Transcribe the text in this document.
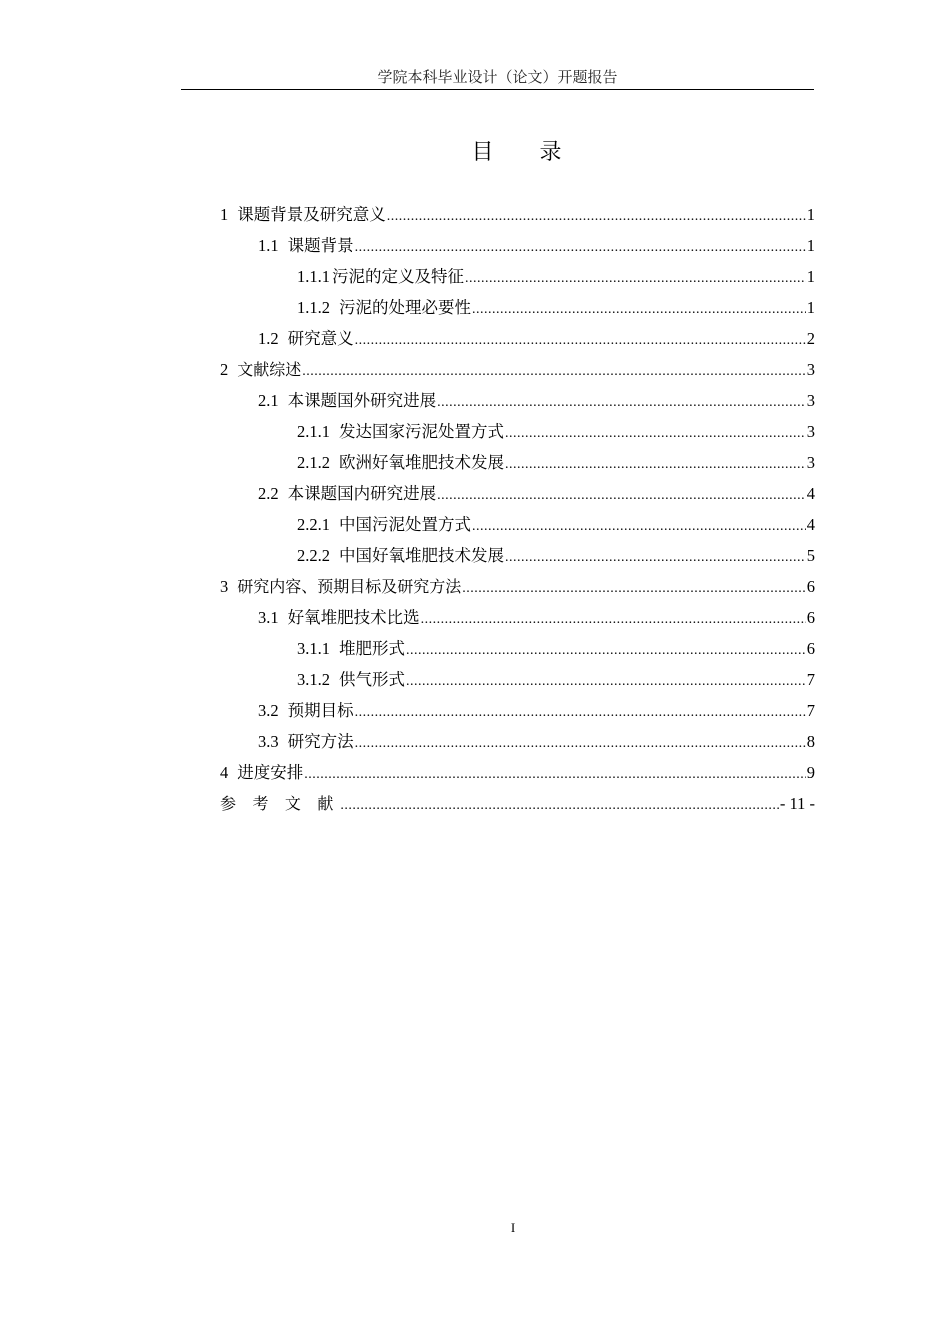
学院本科毕业设计（论文）开题报告
目 录
1 课题背景及研究意义 .....	1
1.1 课题背景 .....	1
1.1.1 污泥的定义及特征 .....	1
1.1.2 污泥的处理必要性 .....	1
1.2 研究意义 .....	2
2 文献综述 .....	3
2.1 本课题国外研究进展 .....	3
2.1.1 发达国家污泥处置方式 .....	3
2.1.2 欧洲好氧堆肥技术发展 .....	3
2.2 本课题国内研究进展 .....	4
2.2.1 中国污泥处置方式 .....	4
2.2.2 中国好氧堆肥技术发展 .....	5
3 研究内容、预期目标及研究方法 .....	6
3.1 好氧堆肥技术比选 .....	6
3.1.1 堆肥形式 .....	6
3.1.2 供气形式 .....	7
3.2 预期目标 .....	7
3.3 研究方法 .....	8
4 进度安排 .....	9
参 考 文 献 .....	- 11 -
I
